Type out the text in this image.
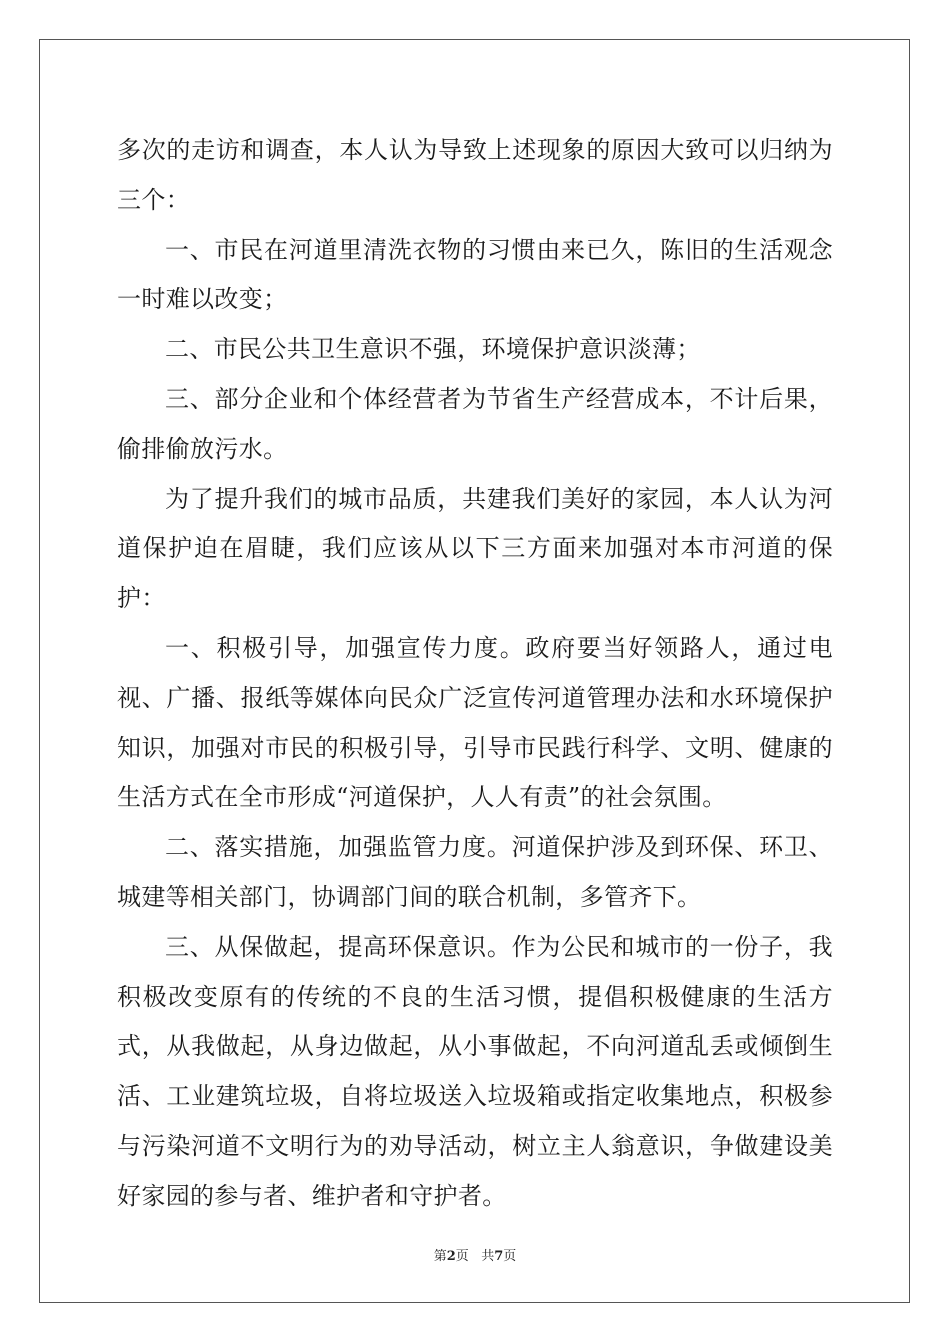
多次的走访和调查，本人认为导致上述现象的原因大致可以归纳为三个：

一、市民在河道里清洗衣物的习惯由来已久，陈旧的生活观念一时难以改变；

二、市民公共卫生意识不强，环境保护意识淡薄；

三、部分企业和个体经营者为节省生产经营成本，不计后果，偷排偷放污水。

为了提升我们的城市品质，共建我们美好的家园，本人认为河道保护迫在眉睫，我们应该从以下三方面来加强对本市河道的保护：

一、积极引导，加强宣传力度。政府要当好领路人，通过电视、广播、报纸等媒体向民众广泛宣传河道管理办法和水环境保护知识，加强对市民的积极引导，引导市民践行科学、文明、健康的生活方式在全市形成“河道保护，人人有责”的社会氛围。

二、落实措施，加强监管力度。河道保护涉及到环保、环卫、城建等相关部门，协调部门间的联合机制，多管齐下。

三、从保做起，提高环保意识。作为公民和城市的一份子，我积极改变原有的传统的不良的生活习惯，提倡积极健康的生活方式，从我做起，从身边做起，从小事做起，不向河道乱丢或倾倒生活、工业建筑垃圾，自将垃圾送入垃圾箱或指定收集地点，积极参与污染河道不文明行为的劝导活动，树立主人翁意识，争做建设美好家园的参与者、维护者和守护者。

第2页 共7页
